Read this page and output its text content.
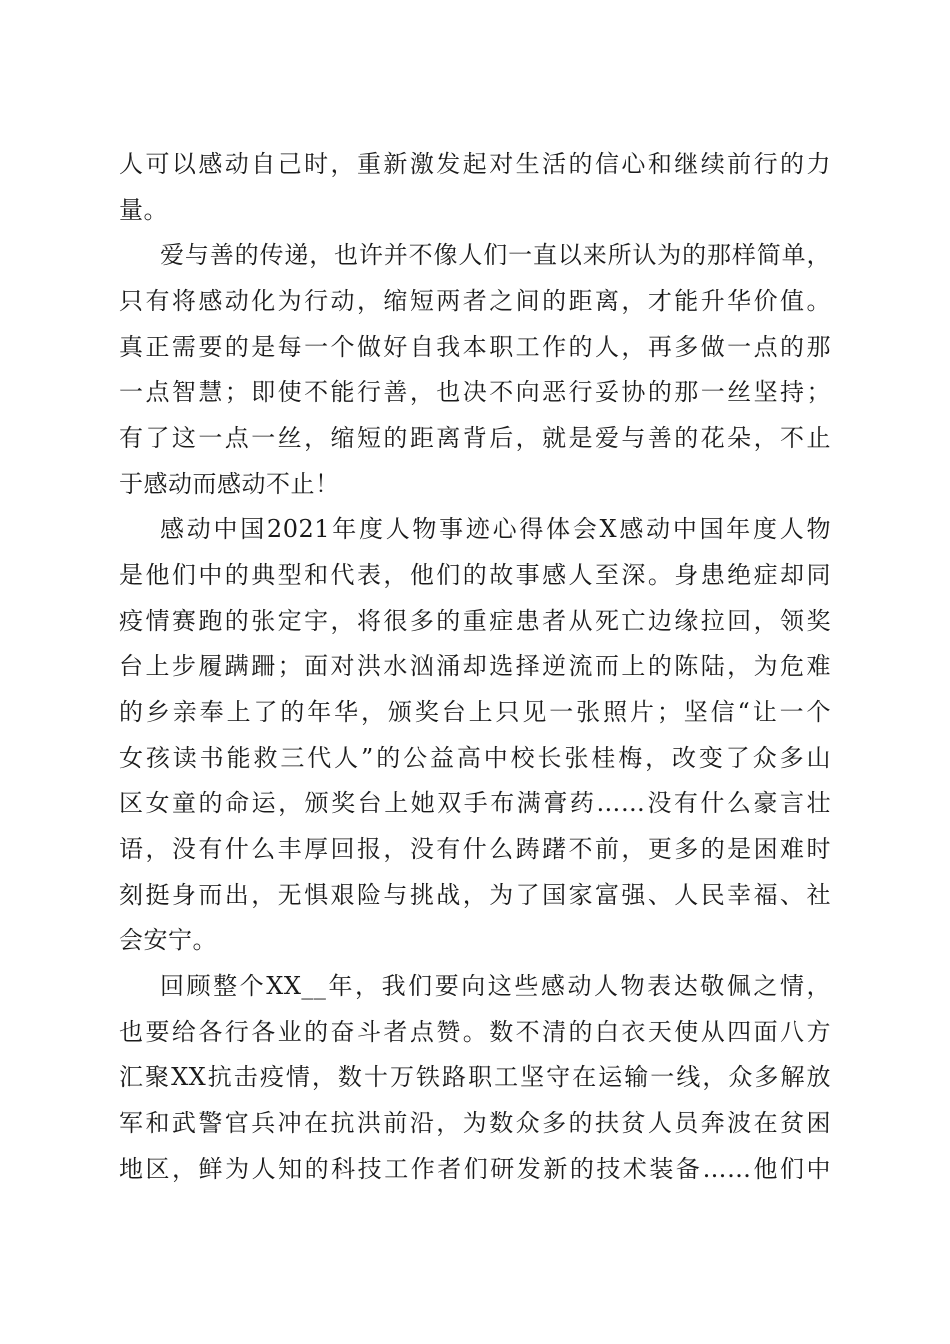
人可以感动自己时，重新激发起对生活的信心和继续前行的力
量。
爱与善的传递，也许并不像人们一直以来所认为的那样简单，
只有将感动化为行动，缩短两者之间的距离，才能升华价值。
真正需要的是每一个做好自我本职工作的人，再多做一点的那
一点智慧；即使不能行善，也决不向恶行妥协的那一丝坚持；
有了这一点一丝，缩短的距离背后，就是爱与善的花朵，不止
于感动而感动不止！
感动中国2021年度人物事迹心得体会X感动中国年度人物
是他们中的典型和代表，他们的故事感人至深。身患绝症却同
疫情赛跑的张定宇，将很多的重症患者从死亡边缘拉回，领奖
台上步履蹒跚；面对洪水汹涌却选择逆流而上的陈陆，为危难
的乡亲奉上了的年华，颁奖台上只见一张照片；坚信“让一个
女孩读书能救三代人”的公益高中校长张桂梅，改变了众多山
区女童的命运，颁奖台上她双手布满膏药……没有什么豪言壮
语，没有什么丰厚回报，没有什么踌躇不前，更多的是困难时
刻挺身而出，无惧艰险与挑战，为了国家富强、人民幸福、社
会安宁。
回顾整个XX__年，我们要向这些感动人物表达敬佩之情，
也要给各行各业的奋斗者点赞。数不清的白衣天使从四面八方
汇聚XX抗击疫情，数十万铁路职工坚守在运输一线，众多解放
军和武警官兵冲在抗洪前沿，为数众多的扶贫人员奔波在贫困
地区，鲜为人知的科技工作者们研发新的技术装备……他们中
